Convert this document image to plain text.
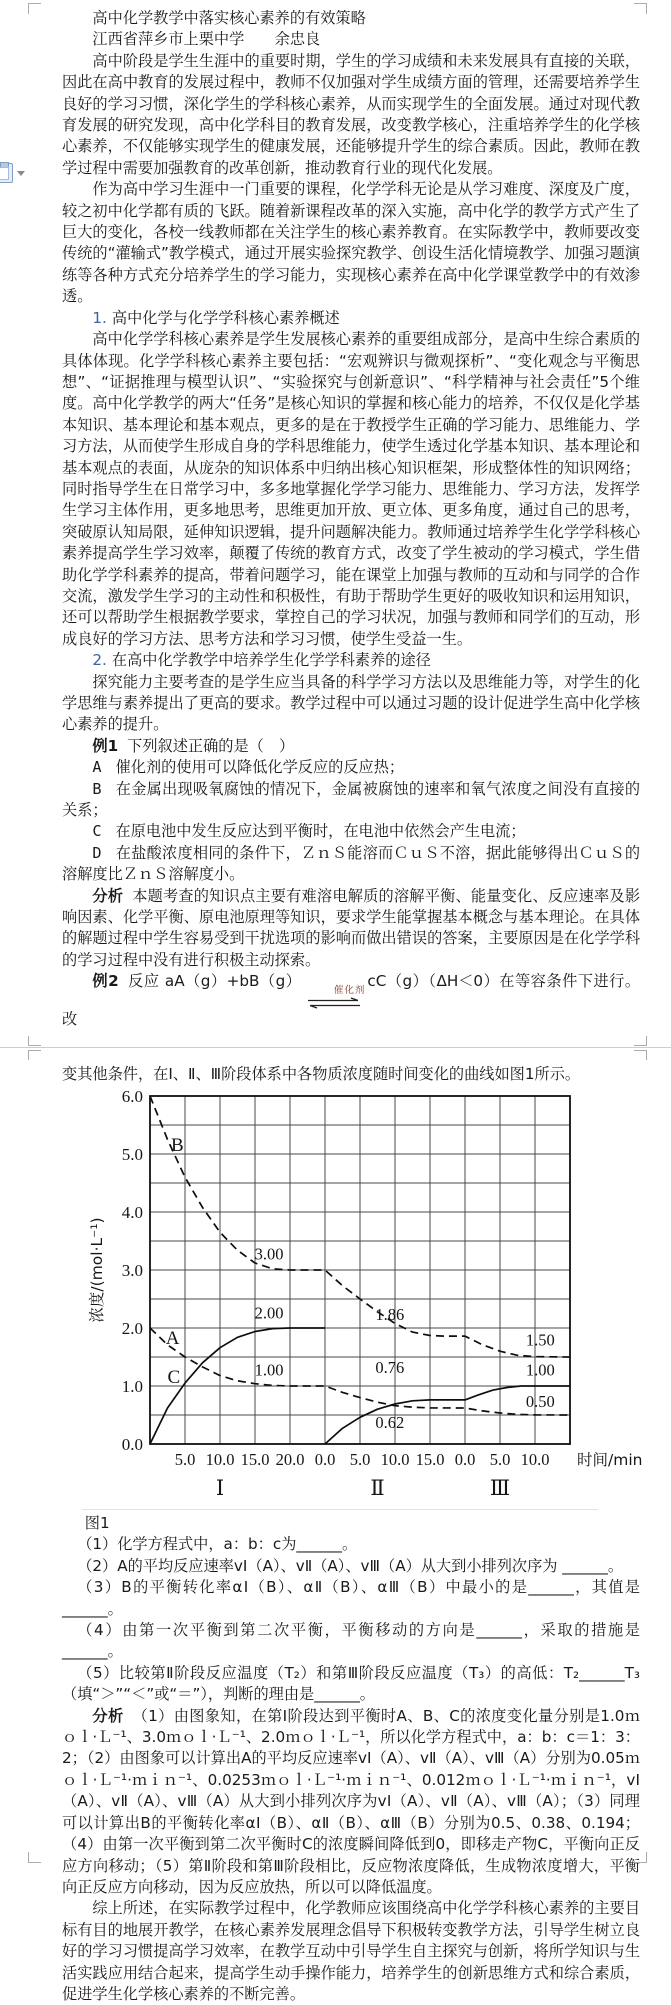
高中化学教学中落实核心素养的有效策略

江西省萍乡市上栗中学　　余忠良

高中阶段是学生生涯中的重要时期，学生的学习成绩和未来发展具有直接的关联，因此在高中教育的发展过程中，教师不仅加强对学生成绩方面的管理，还需要培养学生良好的学习习惯，深化学生的学科核心素养，从而实现学生的全面发展。通过对现代教育发展的研究发现，高中化学科目的教育发展，改变教学核心，注重培养学生的化学核心素养，不仅能够实现学生的健康发展，还能够提升学生的综合素质。因此，教师在教学过程中需要加强教育的改革创新，推动教育行业的现代化发展。

作为高中学习生涯中一门重要的课程，化学学科无论是从学习难度、深度及广度，较之初中化学都有质的飞跃。随着新课程改革的深入实施，高中化学的教学方式产生了巨大的变化，各校一线教师都在关注学生的核心素养教育。在实际教学中，教师要改变传统的“灌输式”教学模式，通过开展实验探究教学、创设生活化情境教学、加强习题演练等各种方式充分培养学生的学习能力，实现核心素养在高中化学课堂教学中的有效渗透。

1. 高中化学与化学学科核心素养概述

高中化学学科核心素养是学生发展核心素养的重要组成部分，是高中生综合素质的具体体现。化学学科核心素养主要包括：“宏观辨识与微观探析”、“变化观念与平衡思想”、“证据推理与模型认识”、“实验探究与创新意识”、“科学精神与社会责任”5个维度。高中化学教学的两大“任务”是核心知识的掌握和核心能力的培养，不仅仅是化学基本知识、基本理论和基本观点，更多的是在于教授学生正确的学习能力、思维能力、学习方法，从而使学生形成自身的学科思维能力，使学生透过化学基本知识、基本理论和基本观点的表面，从庞杂的知识体系中归纳出核心知识框架，形成整体性的知识网络；同时指导学生在日常学习中，多多地掌握化学学习能力、思维能力、学习方法，发挥学生学习主体作用，更多地思考，思维更加开放、更立体、更多角度，通过自己的思考，突破原认知局限，延伸知识逻辑，提升问题解决能力。教师通过培养学生化学学科核心素养提高学生学习效率，颠覆了传统的教育方式，改变了学生被动的学习模式，学生借助化学学科素养的提高，带着问题学习，能在课堂上加强与教师的互动和与同学的合作交流，激发学生学习的主动性和积极性，有助于帮助学生更好的吸收知识和运用知识，还可以帮助学生根据教学要求，掌控自己的学习状况，加强与教师和同学们的互动，形成良好的学习方法、思考方法和学习习惯，使学生受益一生。

2. 在高中化学教学中培养学生化学学科素养的途径

探究能力主要考查的是学生应当具备的科学学习方法以及思维能力等，对学生的化学思维与素养提出了更高的要求。教学过程中可以通过习题的设计促进学生高中化学核心素养的提升。

例1 下列叙述正确的是（　）

A 催化剂的使用可以降低化学反应的反应热；

B 在金属出现吸氧腐蚀的情况下，金属被腐蚀的速率和氧气浓度之间没有直接的关系；

C 在原电池中发生反应达到平衡时，在电池中依然会产生电流；

D 在盐酸浓度相同的条件下，ＺｎＳ能溶而ＣｕＳ不溶，据此能够得出ＣｕＳ的溶解度比ＺｎＳ溶解度小。

分析 本题考查的知识点主要有难溶电解质的溶解平衡、能量变化、反应速率及影响因素、化学平衡、原电池原理等知识，要求学生能掌握基本概念与基本理论。在具体的解题过程中学生容易受到干扰选项的影响而做出错误的答案，主要原因是在化学学科的学习过程中没有进行积极主动探索。

例2 反应 aA（g）+bB（g）
催化剂
cC（g）（ΔH＜0）在等容条件下进行。改

变其他条件，在Ⅰ、Ⅱ、Ⅲ阶段体系中各物质浓度随时间变化的曲线如图1所示。

B
A
C
0.0
1.0
2.0
3.0
4.0
5.0
6.0
浓度/(mol·L⁻¹)
5.0 10.0 15.0 20.0 0.0 5.0 10.0 15.0 0.0 5.0 10.0 时间/min
3.00
2.00
1.00
1.86
0.76
0.62
1.50
1.00
0.50
Ⅰ	Ⅱ	Ⅲ

图1

（1）化学方程式中，a：b：c为______。

（2）A的平均反应速率vⅠ（A）、vⅡ（A）、vⅢ（A）从大到小排列次序为 ______。

（3）B的平衡转化率αⅠ（B）、αⅡ（B）、αⅢ（B）中最小的是______，其值是______。

（4）由第一次平衡到第二次平衡，平衡移动的方向是______，采取的措施是______。

（5）比较第Ⅱ阶段反应温度（T₂）和第Ⅲ阶段反应温度（T₃）的高低：T₂______T₃（填“＞”“＜”或“＝”），判断的理由是______。

分析 （1）由图象知，在第Ⅰ阶段达到平衡时A、B、C的浓度变化量分别是1.0ｍｏｌ·Ｌ⁻¹、3.0ｍｏｌ·Ｌ⁻¹、2.0ｍｏｌ·Ｌ⁻¹，所以化学方程式中，a：b：c＝1：3：2；（2）由图象可以计算出A的平均反应速率vⅠ（A）、vⅡ（A）、vⅢ（A）分别为0.05ｍｏｌ·Ｌ⁻¹·ｍｉｎ⁻¹、0.0253ｍｏｌ·Ｌ⁻¹·ｍｉｎ⁻¹、0.012ｍｏｌ·Ｌ⁻¹·ｍｉｎ⁻¹，vⅠ（A）、vⅡ（A）、vⅢ（A）从大到小排列次序为vⅠ（A）、vⅡ（A）、vⅢ（A）；（3）同理可以计算出B的平衡转化率αⅠ（B）、αⅡ（B）、αⅢ（B）分别为0.5、0.38、0.194；（4）由第一次平衡到第二次平衡时C的浓度瞬间降低到0，即移走产物C，平衡向正反应方向移动；（5）第Ⅱ阶段和第Ⅲ阶段相比，反应物浓度降低，生成物浓度增大，平衡向正反应方向移动，因为反应放热，所以可以降低温度。

综上所述，在实际教学过程中，化学教师应该围绕高中化学学科核心素养的主要目标有目的地展开教学，在核心素养发展理念倡导下积极转变教学方法，引导学生树立良好的学习习惯提高学习效率，在教学互动中引导学生自主探究与创新，将所学知识与生活实践应用结合起来，提高学生动手操作能力，培养学生的创新思维方式和综合素质，促进学生化学核心素养的不断完善。
